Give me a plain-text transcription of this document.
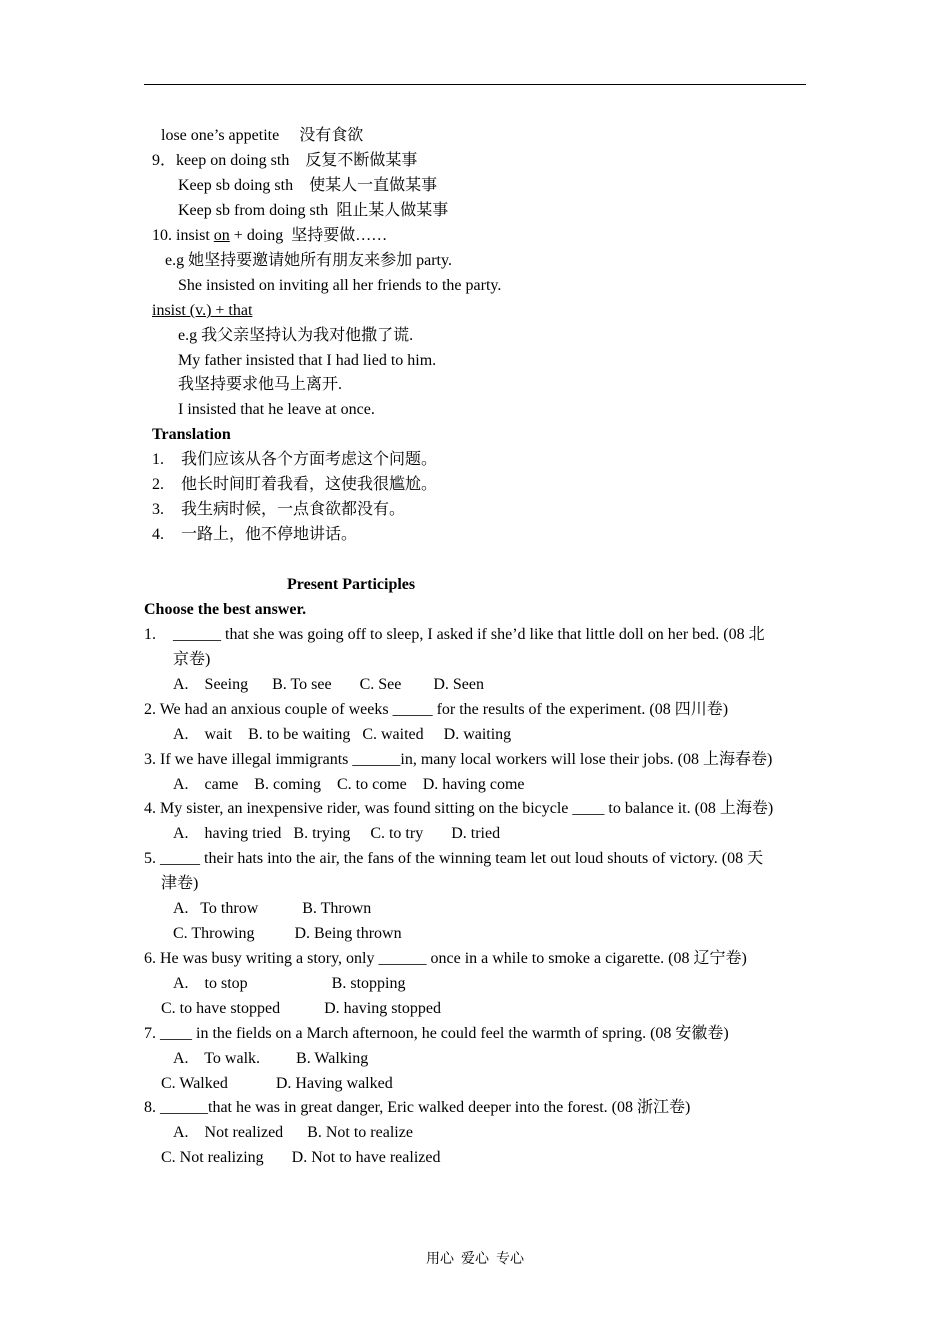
lose one’s appetite     没有食欲
9．keep on doing sth    反复不断做某事
Keep sb doing sth    使某人一直做某事
Keep sb from doing sth  阻止某人做某事
10. insist on + doing  坚持要做……
e.g 她坚持要邀请她所有朋友来参加 party.
She insisted on inviting all her friends to the party.
insist (v.) + that
e.g 我父亲坚持认为我对他撒了谎.
My father insisted that I had lied to him.
我坚持要求他马上离开.
I insisted that he leave at once.
Translation
1. 我们应该从各个方面考虑这个问题。
2. 他长时间盯着我看，这使我很尴尬。
3. 我生病时候，一点食欲都没有。
4. 一路上，他不停地讲话。
Present Participles
Choose the best answer.
1. ______ that she was going off to sleep, I asked if she’d like that little doll on her bed. (08 北
京卷)
A.    Seeing      B. To see       C. See        D. Seen
2. We had an anxious couple of weeks _____ for the results of the experiment. (08 四川卷)
A.    wait    B. to be waiting   C. waited     D. waiting
3. If we have illegal immigrants ______in, many local workers will lose their jobs. (08 上海春卷)
A.    came    B. coming    C. to come    D. having come
4. My sister, an inexpensive rider, was found sitting on the bicycle ____ to balance it. (08 上海卷)
A.    having tried   B. trying     C. to try       D. tried
5. _____ their hats into the air, the fans of the winning team let out loud shouts of victory. (08 天
津卷)
A.   To throw           B. Thrown
C. Throwing          D. Being thrown
6. He was busy writing a story, only ______ once in a while to smoke a cigarette. (08 辽宁卷)
A.    to stop                     B. stopping
C. to have stopped           D. having stopped
7. ____ in the fields on a March afternoon, he could feel the warmth of spring. (08 安徽卷)
A.    To walk.         B. Walking
C. Walked            D. Having walked
8. ______that he was in great danger, Eric walked deeper into the forest. (08 浙江卷)
A.    Not realized      B. Not to realize
C. Not realizing       D. Not to have realized
用心  爱心  专心
